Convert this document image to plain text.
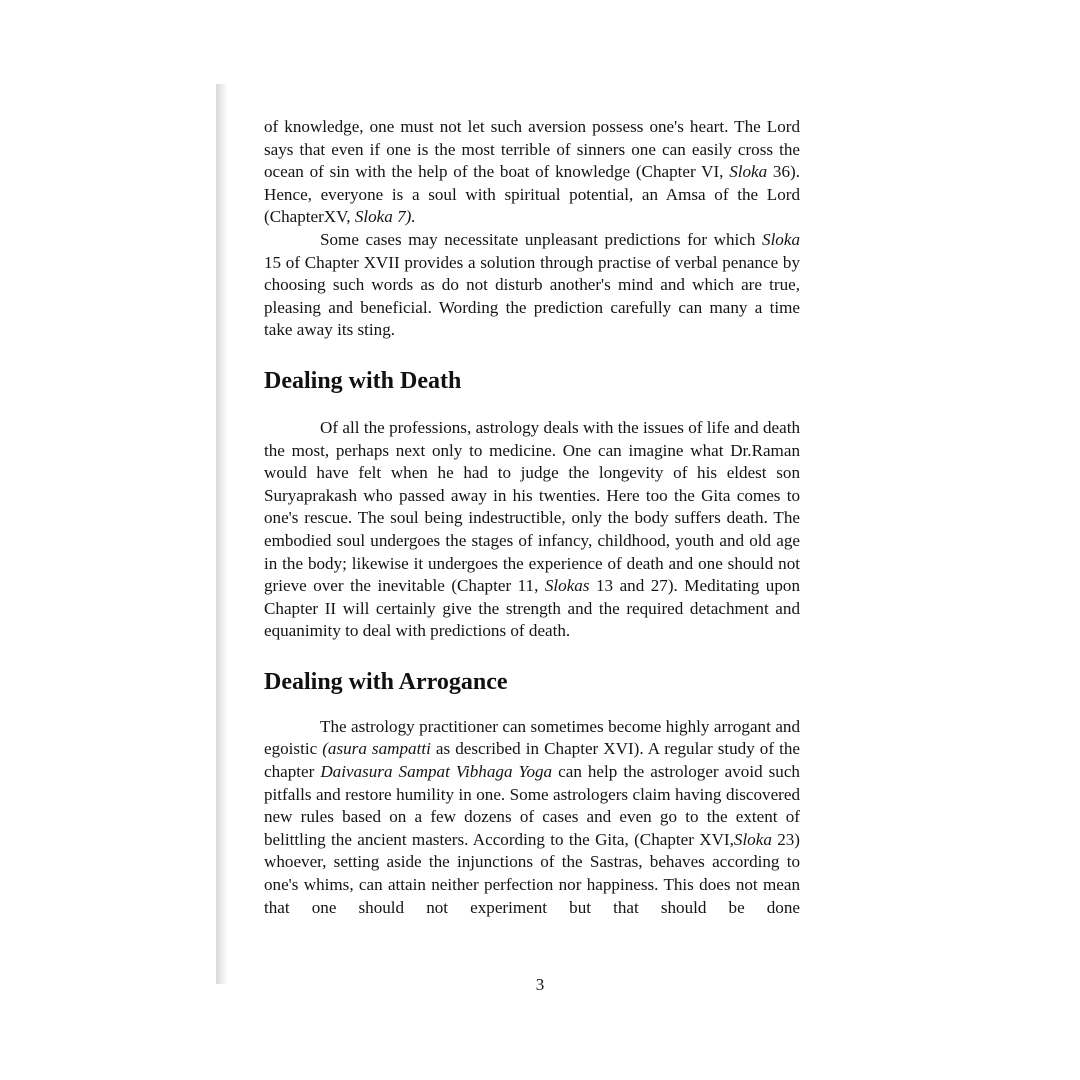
of knowledge, one must not let such aversion possess one's heart. The Lord says that even if one is the most terrible of sinners one can easily cross the ocean of sin with the help of the boat of knowledge (Chapter VI, Sloka 36). Hence, everyone is a soul with spiritual potential, an Amsa of the Lord (ChapterXV, Sloka 7).

Some cases may necessitate unpleasant predictions for which Sloka 15 of Chapter XVII provides a solution through practise of verbal penance by choosing such words as do not disturb another's mind and which are true, pleasing and beneficial. Wording the prediction carefully can many a time take away its sting.

Dealing with Death

Of all the professions, astrology deals with the issues of life and death the most, perhaps next only to medicine. One can imagine what Dr.Raman would have felt when he had to judge the longevity of his eldest son Suryaprakash who passed away in his twenties. Here too the Gita comes to one's rescue. The soul being indestructible, only the body suffers death. The embodied soul undergoes the stages of infancy, childhood, youth and old age in the body; likewise it undergoes the experience of death and one should not grieve over the inevitable (Chapter 11, Slokas 13 and 27). Meditating upon Chapter II will certainly give the strength and the required detachment and equanimity to deal with predictions of death.

Dealing with Arrogance

The astrology practitioner can sometimes become highly arrogant and egoistic (asura sampatti as described in Chapter XVI). A regular study of the chapter Daivasura Sampat Vibhaga Yoga can help the astrologer avoid such pitfalls and restore humility in one. Some astrologers claim having discovered new rules based on a few dozens of cases and even go to the extent of belittling the ancient masters. According to the Gita, (Chapter XVI,Sloka 23) whoever, setting aside the injunctions of the Sastras, behaves according to one's whims, can attain neither perfection nor happiness. This does not mean that one should not experiment but that should be done

3
